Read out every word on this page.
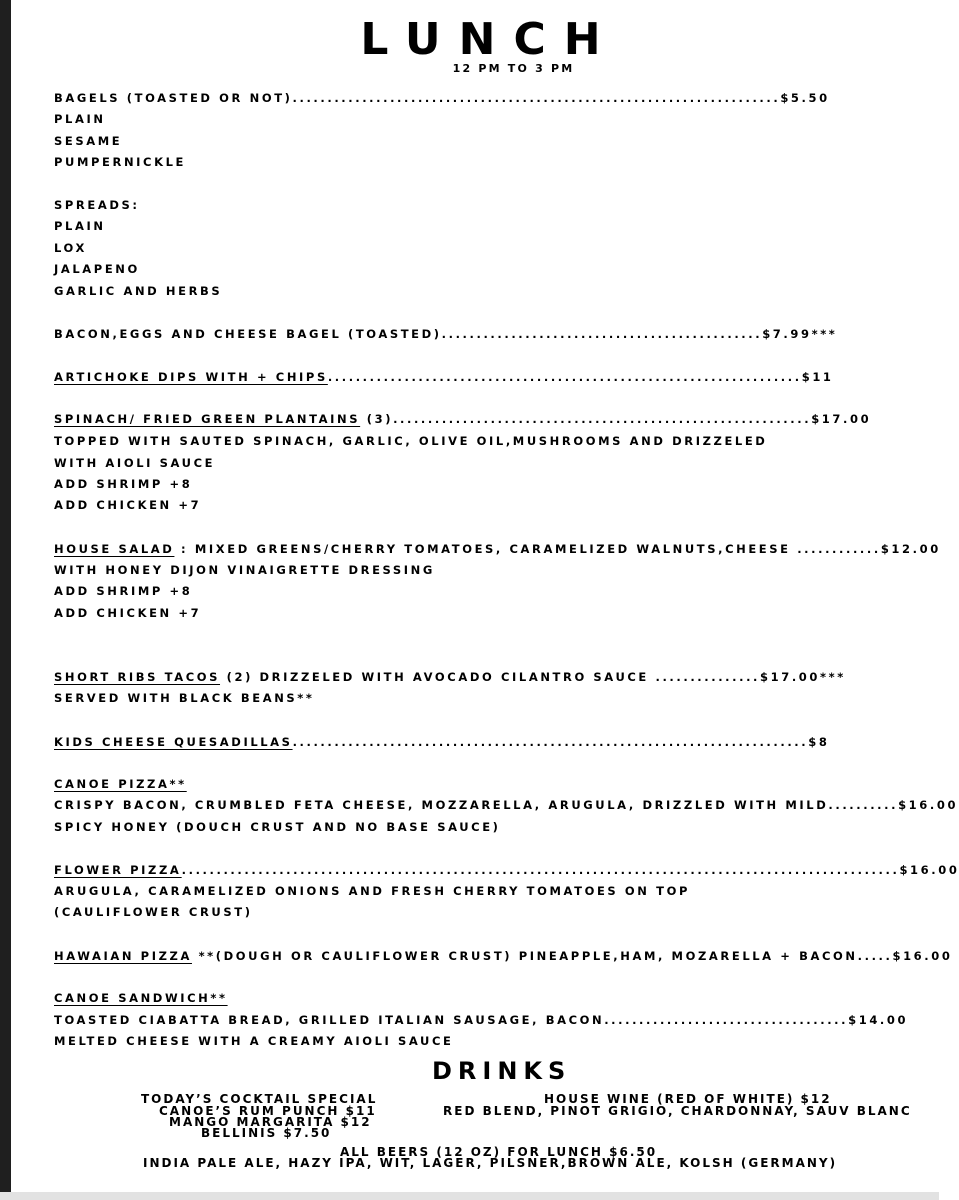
LUNCH
12 PM TO 3 PM
BAGELS (TOASTED OR NOT)......................................................................$5.50
PLAIN
SESAME
PUMPERNICKLE
SPREADS:
PLAIN
LOX
JALAPENO
GARLIC AND HERBS
BACON,EGGS AND CHEESE BAGEL (TOASTED)..............................................$7.99***
ARTICHOKE DIPS WITH + CHIPS....................................................................$11
SPINACH/ FRIED GREEN PLANTAINS (3)............................................................$17.00
TOPPED WITH SAUTED SPINACH, GARLIC, OLIVE OIL,MUSHROOMS AND DRIZZELED
WITH AIOLI SAUCE
ADD SHRIMP +8
ADD CHICKEN +7
HOUSE SALAD : MIXED GREENS/CHERRY TOMATOES, CARAMELIZED WALNUTS,CHEESE ............$12.00
WITH HONEY DIJON VINAIGRETTE DRESSING
ADD SHRIMP +8
ADD CHICKEN +7
SHORT RIBS TACOS (2) DRIZZELED WITH AVOCADO CILANTRO SAUCE ...............$17.00***
SERVED WITH BLACK BEANS**
KIDS CHEESE QUESADILLAS..........................................................................$8
CANOE PIZZA**
CRISPY BACON, CRUMBLED FETA CHEESE, MOZZARELLA, ARUGULA, DRIZZLED WITH MILD..........$16.00
SPICY HONEY (DOUCH CRUST AND NO BASE SAUCE)
FLOWER PIZZA.......................................................................................................$16.00
ARUGULA, CARAMELIZED ONIONS AND FRESH CHERRY TOMATOES ON TOP
(CAULIFLOWER CRUST)
HAWAIAN PIZZA **(DOUGH OR CAULIFLOWER CRUST) PINEAPPLE,HAM, MOZARELLA + BACON.....$16.00
CANOE SANDWICH**
TOASTED CIABATTA BREAD, GRILLED ITALIAN SAUSAGE, BACON...................................$14.00
MELTED CHEESE WITH A CREAMY AIOLI SAUCE
DRINKS
TODAY’S COCKTAIL SPECIAL
CANOE’S RUM PUNCH $11
MANGO MARGARITA $12
BELLINIS $7.50
HOUSE WINE (RED OF WHITE) $12
RED BLEND, PINOT GRIGIO, CHARDONNAY, SAUV BLANC
ALL BEERS (12 OZ) FOR LUNCH $6.50
INDIA PALE ALE, HAZY IPA, WIT, LAGER, PILSNER,BROWN ALE, KOLSH (GERMANY)
